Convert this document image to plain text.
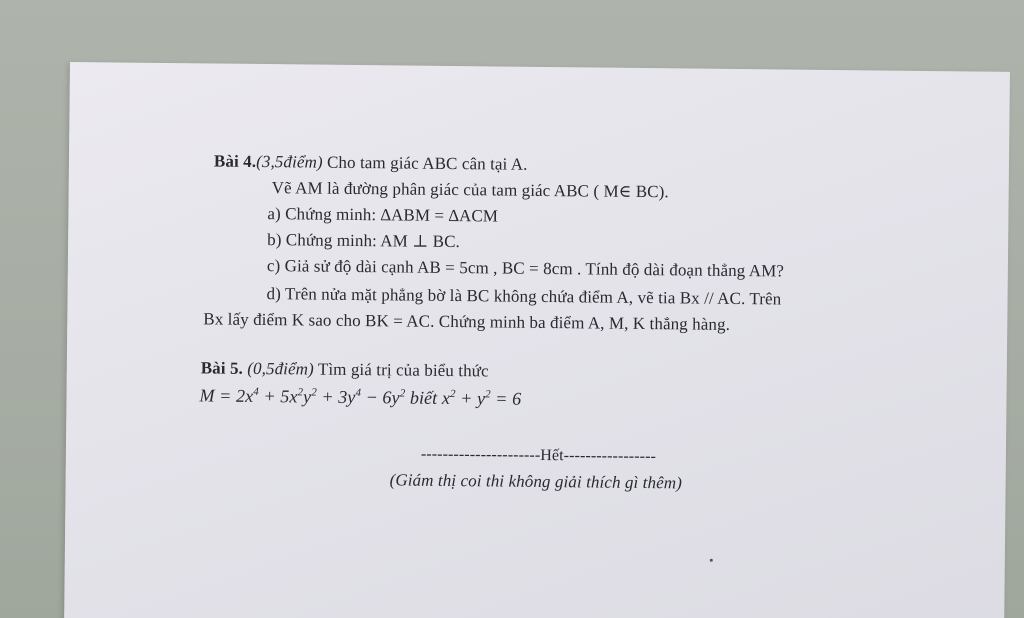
Bài 4.(3,5điểm) Cho tam giác ABC cân tại A.
Vẽ AM là đường phân giác của tam giác ABC ( M∈ BC).
a) Chứng minh: ∆ABM = ∆ACM
b) Chứng minh: AM ⊥ BC.
c) Giả sử độ dài cạnh AB = 5cm , BC = 8cm . Tính độ dài đoạn thẳng AM?
d) Trên nửa mặt phẳng bờ là BC không chứa điểm A, vẽ tia Bx // AC. Trên
Bx lấy điểm K sao cho BK = AC. Chứng minh ba điểm A, M, K thẳng hàng.
Bài 5. (0,5điểm) Tìm giá trị của biểu thức
$M = 2x^4 + 5x^2y^2 + 3y^4 - 6y^2$ biết $x^2 + y^2 = 6$
----------------------Hết-----------------
(Giám thị coi thi không giải thích gì thêm)
